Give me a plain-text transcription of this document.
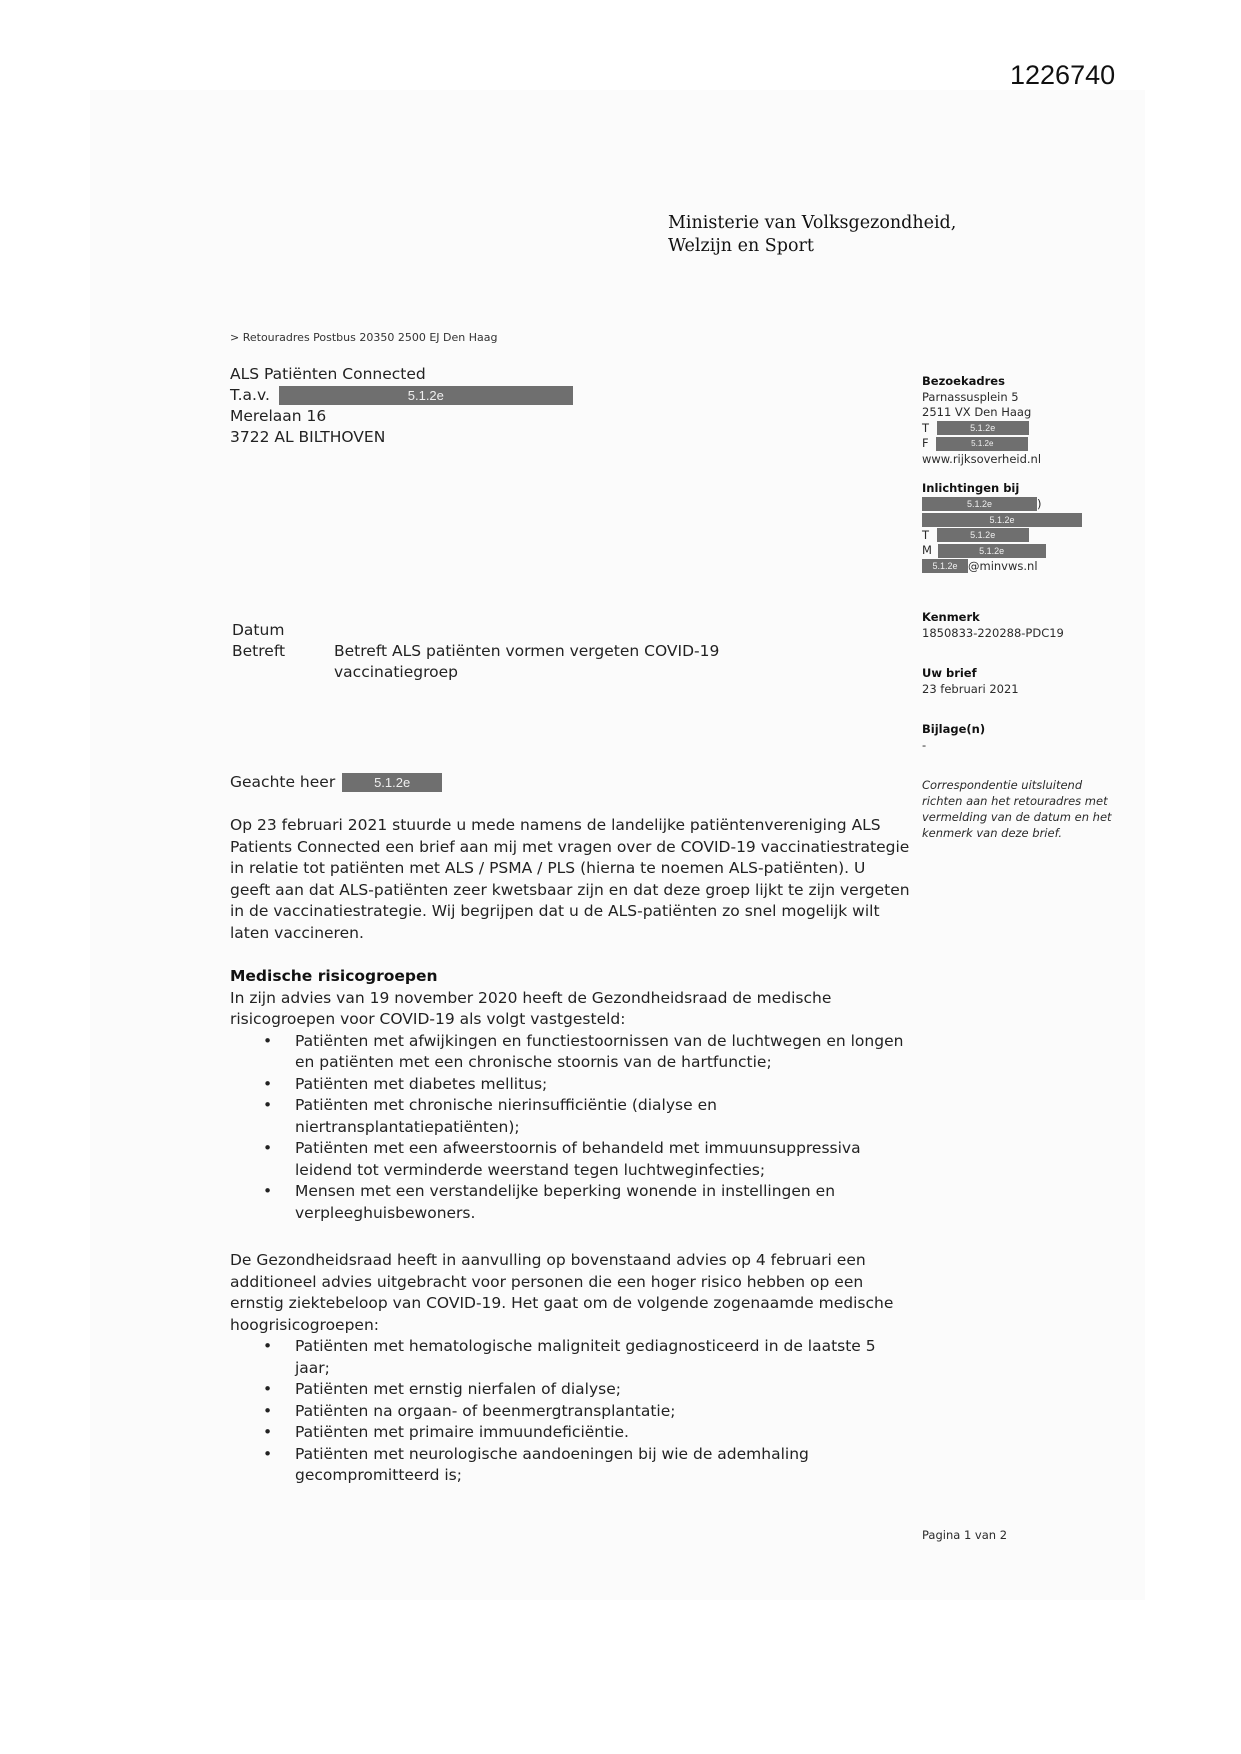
1226740
Ministerie van Volksgezondheid,
Welzijn en Sport
> Retouradres Postbus 20350 2500 EJ Den Haag
ALS Patiënten Connected
T.a.v.	5.1.2e
Merelaan 16
3722 AL BILTHOVEN
Bezoekadres
Parnassusplein 5
2511 VX Den Haag
T	5.1.2e
F	5.1.2e
www.rijksoverheid.nl
Inlichtingen bij
5.1.2e	)
5.1.2e
T	5.1.2e
M	5.1.2e
5.1.2e @minvws.nl
Kenmerk
1850833-220288-PDC19
Uw brief
23 februari 2021
Bijlage(n)
-
Correspondentie uitsluitend richten aan het retouradres met vermelding van de datum en het kenmerk van deze brief.
Datum
Betreft	Betreft ALS patiënten vormen vergeten COVID-19 vaccinatiegroep
Geachte heer	5.1.2e

Op 23 februari 2021 stuurde u mede namens de landelijke patiëntenvereniging ALS Patients Connected een brief aan mij met vragen over de COVID-19 vaccinatiestrategie in relatie tot patiënten met ALS / PSMA / PLS (hierna te noemen ALS-patiënten). U geeft aan dat ALS-patiënten zeer kwetsbaar zijn en dat deze groep lijkt te zijn vergeten in de vaccinatiestrategie. Wij begrijpen dat u de ALS-patiënten zo snel mogelijk wilt laten vaccineren.

Medische risicogroepen

In zijn advies van 19 november 2020 heeft de Gezondheidsraad de medische risicogroepen voor COVID-19 als volgt vastgesteld:

• Patiënten met afwijkingen en functiestoornissen van de luchtwegen en longen en patiënten met een chronische stoornis van de hartfunctie;
• Patiënten met diabetes mellitus;
• Patiënten met chronische nierinsufficiëntie (dialyse en niertransplantatiepatiënten);
• Patiënten met een afweerstoornis of behandeld met immuunsuppressiva leidend tot verminderde weerstand tegen luchtweginfecties;
• Mensen met een verstandelijke beperking wonende in instellingen en verpleeghuisbewoners.

De Gezondheidsraad heeft in aanvulling op bovenstaand advies op 4 februari een additioneel advies uitgebracht voor personen die een hoger risico hebben op een ernstig ziektebeloop van COVID-19. Het gaat om de volgende zogenaamde medische hoogrisicogroepen:

• Patiënten met hematologische maligniteit gediagnosticeerd in de laatste 5 jaar;
• Patiënten met ernstig nierfalen of dialyse;
• Patiënten na orgaan- of beenmergtransplantatie;
• Patiënten met primaire immuundeficiëntie.
• Patiënten met neurologische aandoeningen bij wie de ademhaling gecompromitteerd is;
Pagina 1 van 2
